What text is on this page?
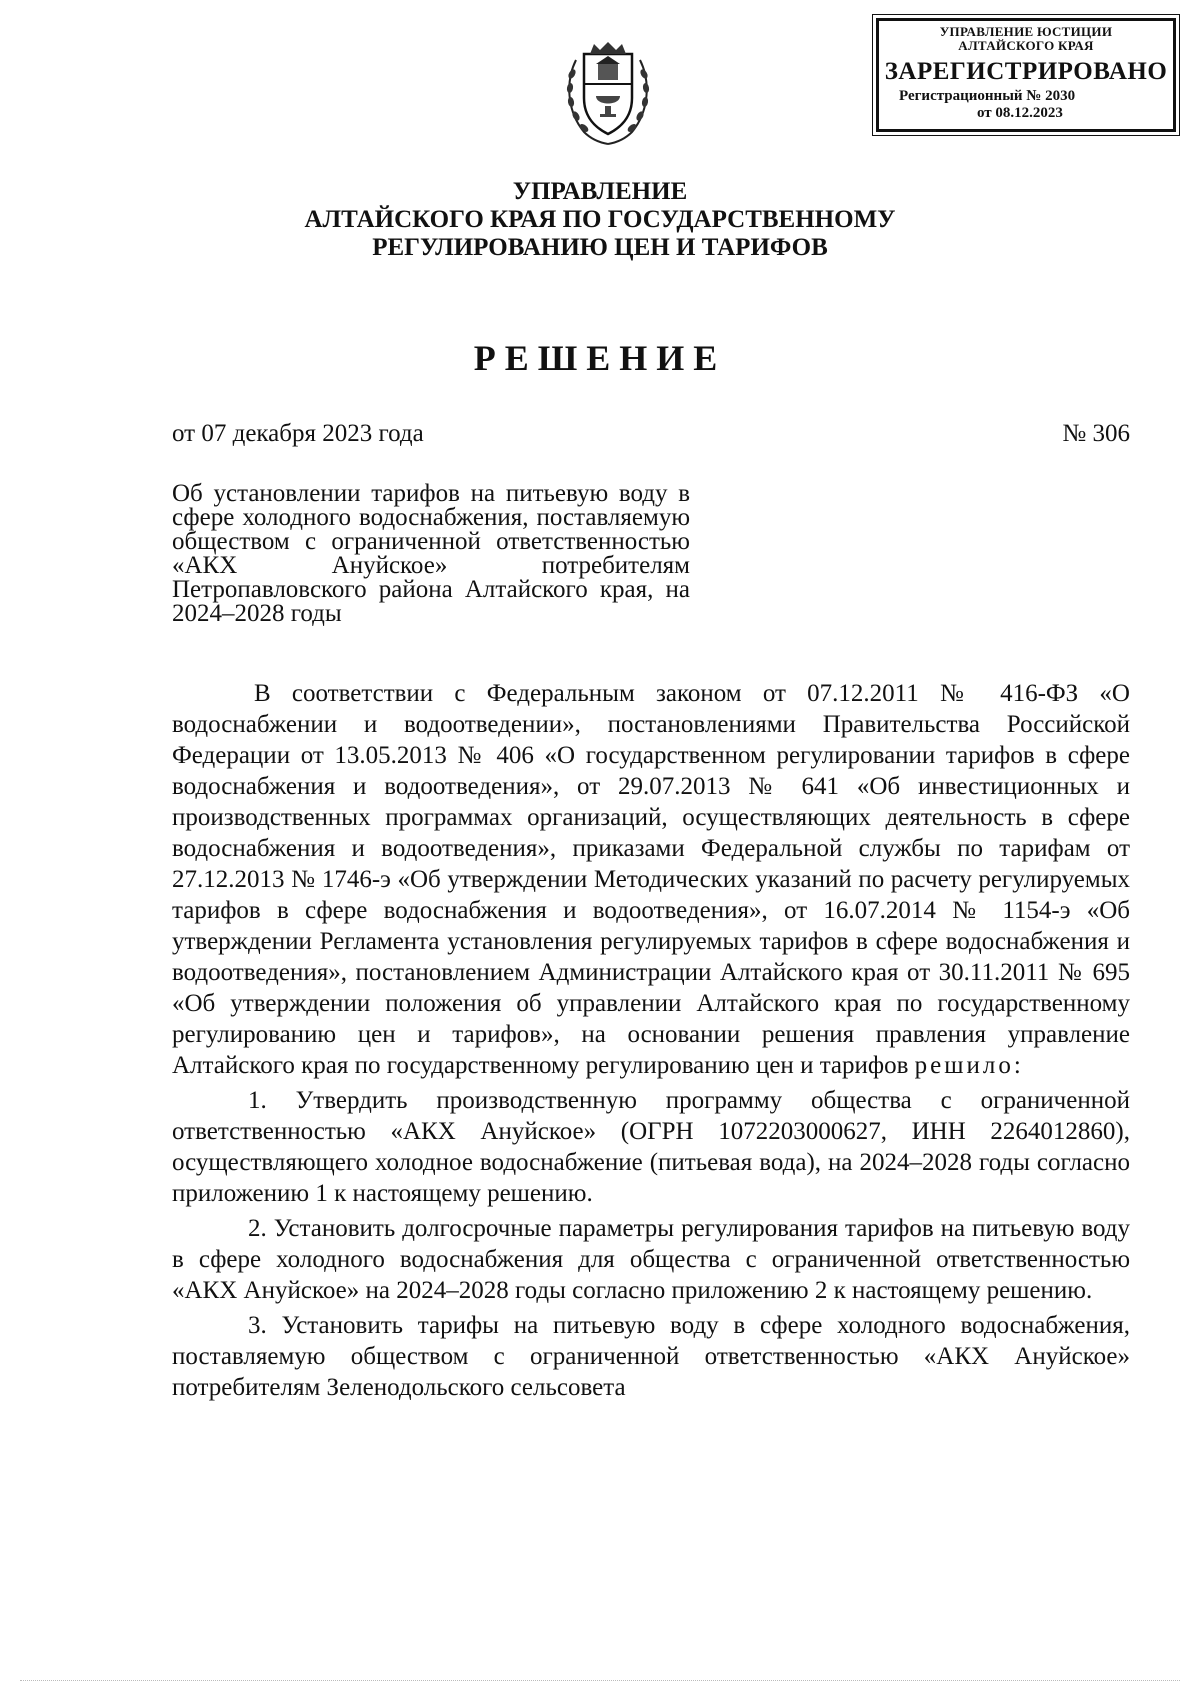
УПРАВЛЕНИЕ ЮСТИЦИИ
АЛТАЙСКОГО КРАЯ
ЗАРЕГИСТРИРОВАНО
Регистрационный № 2030
от 08.12.2023
УПРАВЛЕНИЕ
АЛТАЙСКОГО КРАЯ ПО ГОСУДАРСТВЕННОМУ
РЕГУЛИРОВАНИЮ ЦЕН И ТАРИФОВ
РЕШЕНИЕ
от 07 декабря 2023 года	№ 306
Об установлении тарифов на питьевую воду в сфере холодного водоснабжения, поставляемую обществом с ограниченной ответственностью «АКХ Ануйское» потребителям Петропавловского района Алтайского края, на 2024–2028 годы

В соответствии с Федеральным законом от 07.12.2011 № 416-ФЗ «О водоснабжении и водоотведении», постановлениями Правительства Российской Федерации от 13.05.2013 № 406 «О государственном регулировании тарифов в сфере водоснабжения и водоотведения», от 29.07.2013 № 641 «Об инвестиционных и производственных программах организаций, осуществляющих деятельность в сфере водоснабжения и водоотведения», приказами Федеральной службы по тарифам от 27.12.2013 № 1746-э «Об утверждении Методических указаний по расчету регулируемых тарифов в сфере водоснабжения и водоотведения», от 16.07.2014 № 1154-э «Об утверждении Регламента установления регулируемых тарифов в сфере водоснабжения и водоотведения», постановлением Администрации Алтайского края от 30.11.2011 № 695 «Об утверждении положения об управлении Алтайского края по государственному регулированию цен и тарифов», на основании решения правления управление Алтайского края по государственному регулированию цен и тарифов решило:

1. Утвердить производственную программу общества с ограниченной ответственностью «АКХ Ануйское» (ОГРН 1072203000627, ИНН 2264012860), осуществляющего холодное водоснабжение (питьевая вода), на 2024–2028 годы согласно приложению 1 к настоящему решению.

2. Установить долгосрочные параметры регулирования тарифов на питьевую воду в сфере холодного водоснабжения для общества с ограниченной ответственностью «АКХ Ануйское» на 2024–2028 годы согласно приложению 2 к настоящему решению.

3. Установить тарифы на питьевую воду в сфере холодного водоснабжения, поставляемую обществом с ограниченной ответственностью «АКХ Ануйское» потребителям Зеленодольского сельсовета
